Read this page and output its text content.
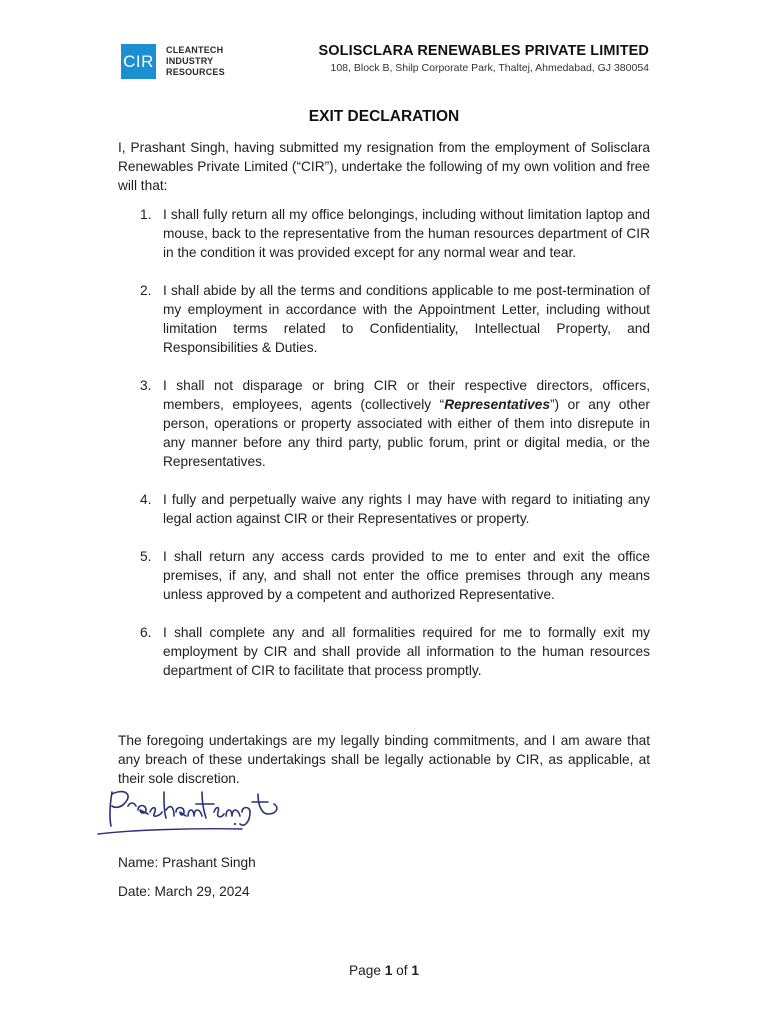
CIR
CLEANTECH
INDUSTRY
RESOURCES
SOLISCLARA RENEWABLES PRIVATE LIMITED
108, Block B, Shilp Corporate Park, Thaltej, Ahmedabad, GJ 380054
EXIT DECLARATION
I, Prashant Singh, having submitted my resignation from the employment of Solisclara Renewables Private Limited (“CIR”), undertake the following of my own volition and free will that:
1. I shall fully return all my office belongings, including without limitation laptop and mouse, back to the representative from the human resources department of CIR in the condition it was provided except for any normal wear and tear.
2. I shall abide by all the terms and conditions applicable to me post-termination of my employment in accordance with the Appointment Letter, including without limitation terms related to Confidentiality, Intellectual Property, and Responsibilities & Duties.
3. I shall not disparage or bring CIR or their respective directors, officers, members, employees, agents (collectively “Representatives”) or any other person, operations or property associated with either of them into disrepute in any manner before any third party, public forum, print or digital media, or the Representatives.
4. I fully and perpetually waive any rights I may have with regard to initiating any legal action against CIR or their Representatives or property.
5. I shall return any access cards provided to me to enter and exit the office premises, if any, and shall not enter the office premises through any means unless approved by a competent and authorized Representative.
6. I shall complete any and all formalities required for me to formally exit my employment by CIR and shall provide all information to the human resources department of CIR to facilitate that process promptly.
The foregoing undertakings are my legally binding commitments, and I am aware that any breach of these undertakings shall be legally actionable by CIR, as applicable, at their sole discretion.
Name: Prashant Singh
Date: March 29, 2024
Page 1 of 1
